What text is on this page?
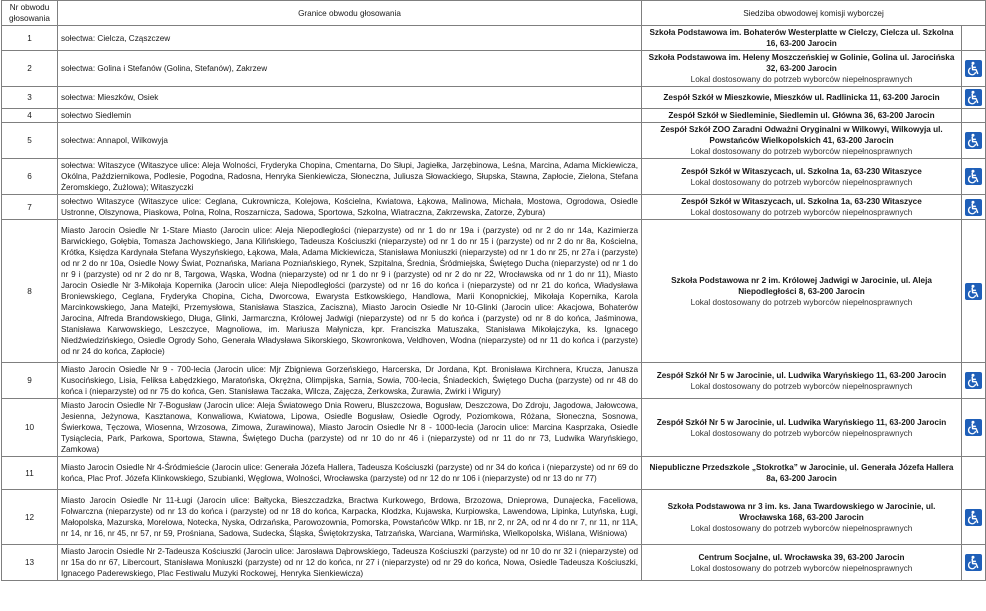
Nr obwodu głosowania	Granice obwodu głosowania	Siedziba obwodowej komisji wyborczej	
1	sołectwa: Cielcza, Cząszczew	Szkoła Podstawowa im. Bohaterów Westerplatte w Cielczy, Cielcza ul. Szkolna 16, 63-200 Jarocin	

2	sołectwa: Golina i Stefanów (Golina, Stefanów), Zakrzew	Szkoła Podstawowa im. Heleny Moszczeńskiej w Golinie, Golina ul. Jarocińska 32, 63-200 Jarocin
Lokal dostosowany do potrzeb wyborców niepełnosprawnych

3	sołectwa: Mieszków, Osiek	Zespół Szkół w Mieszkowie, Mieszków ul. Radlinicka 11, 63-200 Jarocin

4	sołectwo Siedlemin	Zespół Szkół w Siedleminie, Siedlemin ul. Główna 36, 63-200 Jarocin	

5	sołectwa: Annapol, Wilkowyja	Zespół Szkół ZOO Zaradni Odważni Oryginalni w Wilkowyi, Wilkowyja ul. Powstańców Wielkopolskich 41, 63-200 Jarocin
Lokal dostosowany do potrzeb wyborców niepełnosprawnych

6	sołectwa: Witaszyce (Witaszyce ulice: Aleja Wolności, Fryderyka Chopina, Cmentarna, Do Słupi, Jagiełka, Jarzębinowa, Leśna, Marcina, Adama Mickiewicza, Okólna, Październikowa, Podlesie, Pogodna, Radosna, Henryka Sienkiewicza, Słoneczna, Juliusza Słowackiego, Słupska, Stawna, Zapłocie, Zielona, Stefana Żeromskiego, Żużlowa); Witaszyczki	Zespół Szkół w Witaszycach, ul. Szkolna 1a, 63-230 Witaszyce
Lokal dostosowany do potrzeb wyborców niepełnosprawnych

7	sołectwo Witaszyce (Witaszyce ulice: Ceglana, Cukrownicza, Kolejowa, Kościelna, Kwiatowa, Łąkowa, Malinowa, Michała, Mostowa, Ogrodowa, Osiedle Ustronne, Olszynowa, Piaskowa, Polna, Rolna, Roszarnicza, Sadowa, Sportowa, Szkolna, Wiatraczna, Zakrzewska, Zatorze, Żybura)	Zespół Szkół w Witaszycach, ul. Szkolna 1a, 63-230 Witaszyce
Lokal dostosowany do potrzeb wyborców niepełnosprawnych

8	Miasto Jarocin Osiedle Nr 1-Stare Miasto (Jarocin ulice: Aleja Niepodległości (nieparzyste) od nr 1 do nr 19a i (parzyste) od nr 2 do nr 14a, Kazimierza Barwickiego, Gołębia, Tomasza Jachowskiego, Jana Kilińskiego, Tadeusza Kościuszki (nieparzyste) od nr 1 do nr 15 i (parzyste) od nr 2 do nr 8a, Kościelna, Krótka, Księdza Kardynała Stefana Wyszyńskiego, Łąkowa, Mała, Adama Mickiewicza, Stanisława Moniuszki (nieparzyste) od nr 1 do nr 25, nr 27a i (parzyste) od nr 2 do nr 10a, Osiedle Nowy Świat, Poznańska, Mariana Pozniańskiego, Rynek, Szpitalna, Średnia, Śródmiejska, Świętego Ducha (nieparzyste) od nr 1 do nr 9 i (parzyste) od nr 2 do nr 8, Targowa, Wąska, Wodna (nieparzyste) od nr 1 do nr 9 i (parzyste) od nr 2 do nr 22, Wrocławska od nr 1 do nr 11), Miasto Jarocin Osiedle Nr 3-Mikołaja Kopernika (Jarocin ulice: Aleja Niepodległości (parzyste) od nr 16 do końca i (nieparzyste) od nr 21 do końca, Władysława Broniewskiego, Ceglana, Fryderyka Chopina, Cicha, Dworcowa, Ewarysta Estkowskiego, Handlowa, Marii Konopnickiej, Mikołaja Kopernika, Karola Marcinkowskiego, Jana Matejki, Przemysłowa, Stanisława Staszica, Zaciszna), Miasto Jarocin Osiedle Nr 10-Glinki (Jarocin ulice: Akacjowa, Bohaterów Jarocina, Alfreda Brandowskiego, Długa, Glinki, Jarmarczna, Królowej Jadwigi (nieparzyste) od nr 5 do końca i (parzyste) od nr 8 do końca, Jaśminowa, Stanisława Karwowskiego, Leszczyce, Magnoliowa, im. Mariusza Małynicza, kpr. Franciszka Matuszaka, Stanisława Mikołajczyka, ks. Ignacego Niedźwiedzińskiego, Osiedle Ogrody Soho, Generała Władysława Sikorskiego, Skowronkowa, Veldhoven, Wodna (nieparzyste) od nr 11 do końca i (parzyste) od nr 24 do końca, Zapłocie)	Szkoła Podstawowa nr 2 im. Królowej Jadwigi w Jarocinie, ul. Aleja Niepodległości 8, 63-200 Jarocin
Lokal dostosowany do potrzeb wyborców niepełnosprawnych

9	Miasto Jarocin Osiedle Nr 9 - 700-lecia (Jarocin ulice: Mjr Zbigniewa Gorzeńskiego, Harcerska, Dr Jordana, Kpt. Bronisława Kirchnera, Krucza, Janusza Kusocińskiego, Lisia, Feliksa Łabędzkiego, Maratońska, Okrężna, Olimpijska, Sarnia, Sowia, 700-lecia, Śniadeckich, Świętego Ducha (parzyste) od nr 48 do końca i (nieparzyste) od nr 75 do końca, Gen. Stanisława Taczaka, Wilcza, Zajęcza, Żerkowska, Żurawia, Żwirki i Wigury)	Zespół Szkół Nr 5 w Jarocinie, ul. Ludwika Waryńskiego 11, 63-200 Jarocin
Lokal dostosowany do potrzeb wyborców niepełnosprawnych

10	Miasto Jarocin Osiedle Nr 7-Bogusław (Jarocin ulice: Aleja Światowego Dnia Roweru, Bluszczowa, Bogusław, Deszczowa, Do Zdroju, Jagodowa, Jałowcowa, Jesienna, Jeżynowa, Kasztanowa, Konwaliowa, Kwiatowa, Lipowa, Osiedle Bogusław, Osiedle Ogrody, Poziomkowa, Różana, Słoneczna, Sosnowa, Świerkowa, Tęczowa, Wiosenna, Wrzosowa, Zimowa, Żurawinowa), Miasto Jarocin Osiedle Nr 8 - 1000-lecia (Jarocin ulice: Marcina Kasprzaka, Osiedle Tysiąclecia, Park, Parkowa, Sportowa, Stawna, Świętego Ducha (parzyste) od nr 10 do nr 46 i (nieparzyste) od nr 11 do nr 73, Ludwika Waryńskiego, Zamkowa)	Zespół Szkół Nr 5 w Jarocinie, ul. Ludwika Waryńskiego 11, 63-200 Jarocin
Lokal dostosowany do potrzeb wyborców niepełnosprawnych

11	Miasto Jarocin Osiedle Nr 4-Śródmieście (Jarocin ulice: Generała Józefa Hallera, Tadeusza Kościuszki (parzyste) od nr 34 do końca i (nieparzyste) od nr 69 do końca, Plac Prof. Józefa Klinkowskiego, Szubianki, Węglowa, Wolności, Wrocławska (parzyste) od nr 12 do nr 106 i (nieparzyste) od nr 13 do nr 77)	Niepubliczne Przedszkole „Stokrotka” w Jarocinie, ul. Generała Józefa Hallera 8a, 63-200 Jarocin	

12	Miasto Jarocin Osiedle Nr 11-Ługi (Jarocin ulice: Bałtycka, Bieszczadzka, Bractwa Kurkowego, Brdowa, Brzozowa, Dnieprowa, Dunajecka, Faceliowa, Folwarczna (nieparzyste) od nr 13 do końca i (parzyste) od nr 18 do końca, Karpacka, Kłodzka, Kujawska, Kurpiowska, Lawendowa, Lipinka, Lutyńska, Ługi, Małopolska, Mazurska, Morelowa, Notecka, Nyska, Odrzańska, Parowozownia, Pomorska, Powstańców Wlkp. nr 1B, nr 2, nr 2A, od nr 4 do nr 7, nr 11, nr 11A, nr 14, nr 16, nr 45, nr 57, nr 59, Prośniana, Sadowa, Sudecka, Śląska, Świętokrzyska, Tatrzańska, Warciana, Warmińska, Wielkopolska, Wiślana, Wiśniowa)	Szkoła Podstawowa nr 3 im. ks. Jana Twardowskiego w Jarocinie, ul. Wrocławska 168, 63-200 Jarocin
Lokal dostosowany do potrzeb wyborców niepełnosprawnych

13	Miasto Jarocin Osiedle Nr 2-Tadeusza Kościuszki (Jarocin ulice: Jarosława Dąbrowskiego, Tadeusza Kościuszki (parzyste) od nr 10 do nr 32 i (nieparzyste) od nr 15a do nr 67, Libercourt, Stanisława Moniuszki (parzyste) od nr 12 do końca, nr 27 i (nieparzyste) od nr 29 do końca, Nowa, Osiedle Tadeusza Kościuszki, Ignacego Paderewskiego, Plac Festiwalu Muzyki Rockowej, Henryka Sienkiewicza)	Centrum Socjalne, ul. Wrocławska 39, 63-200 Jarocin
Lokal dostosowany do potrzeb wyborców niepełnosprawnych
